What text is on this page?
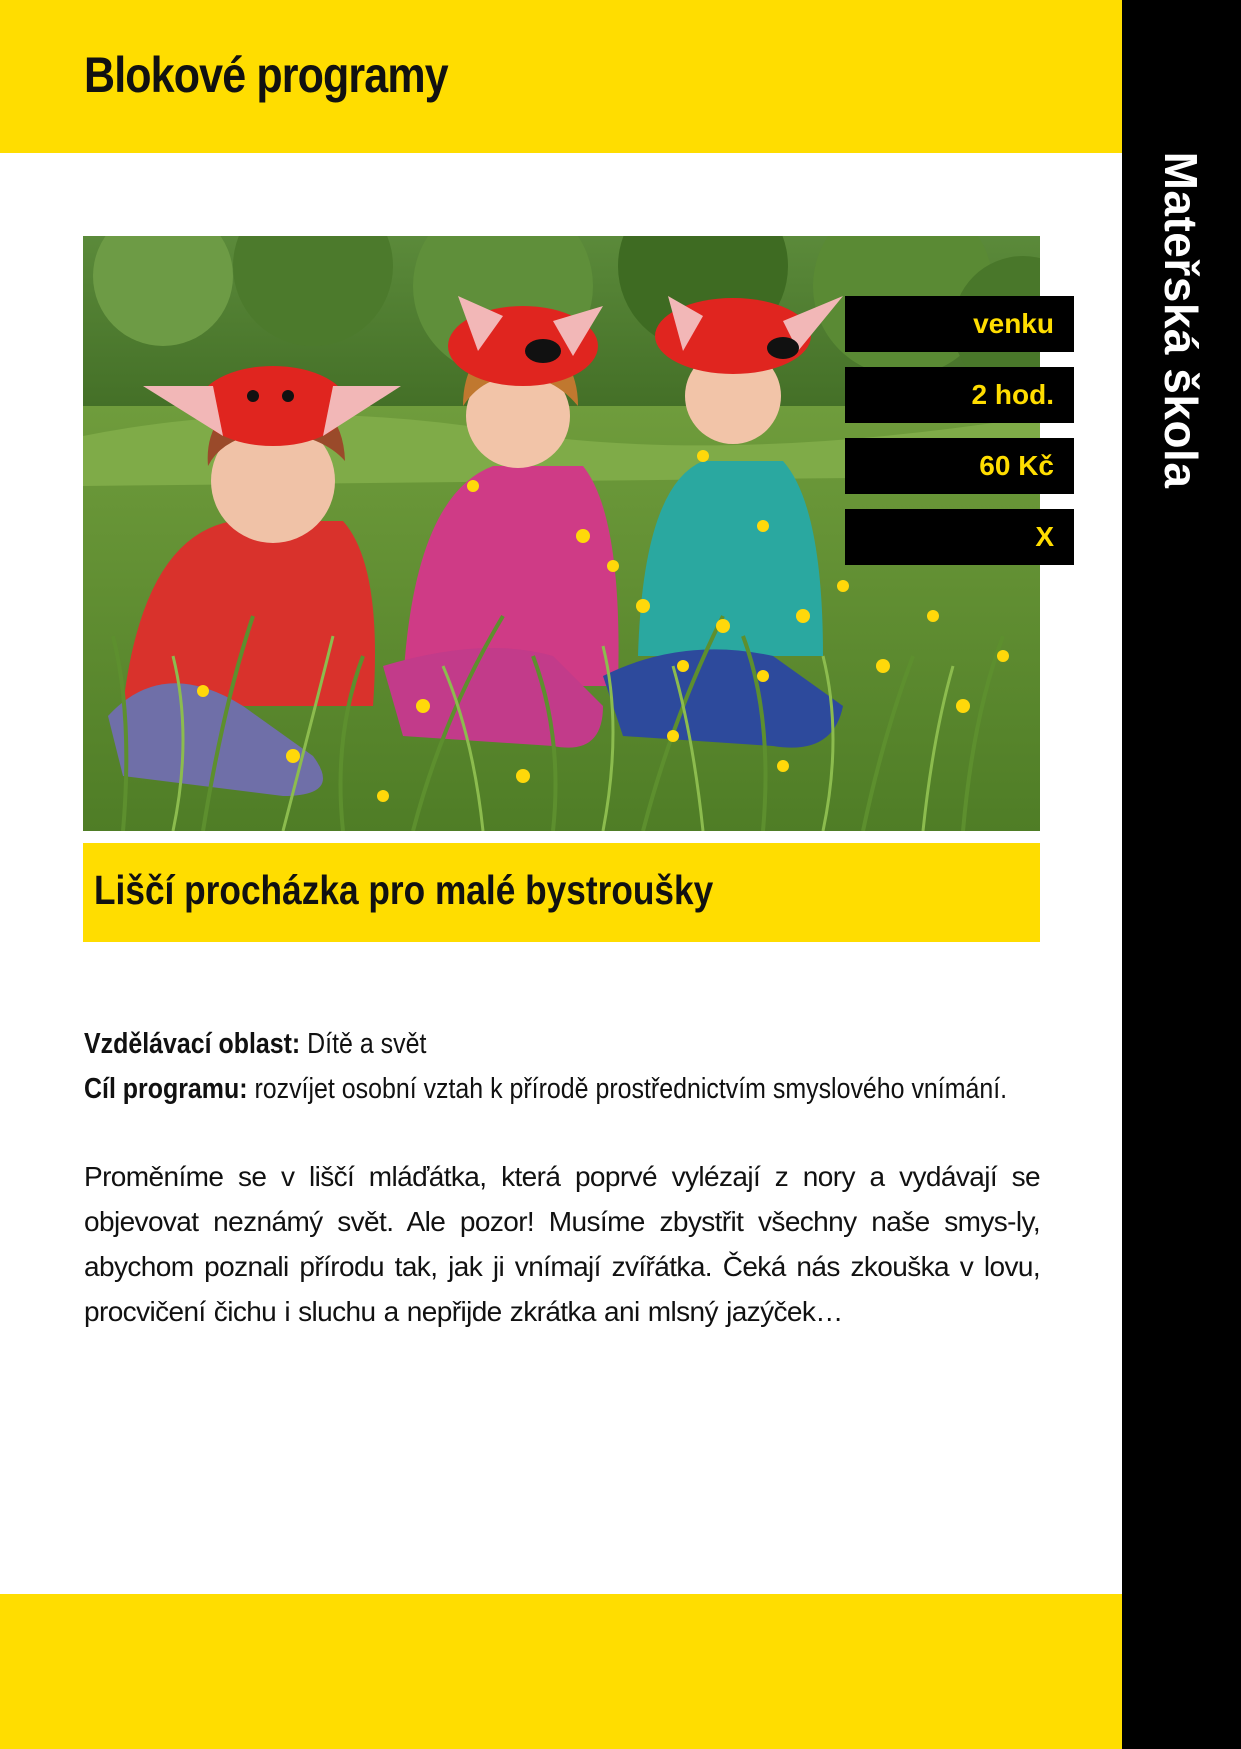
Blokové programy
Mateřská škola
venku
2 hod.
60 Kč
X
Liščí procházka pro malé bystroušky
Vzdělávací oblast: Dítě a svět
Cíl programu: rozvíjet osobní vztah k přírodě prostřednictvím smyslového vnímání.

Proměníme se v liščí mláďátka, která poprvé vylézají z nory a vydávají se objevovat neznámý svět. Ale pozor! Musíme zbystřit všechny naše smys-ly, abychom poznali přírodu tak, jak ji vnímají zvířátka. Čeká nás zkouška v lovu, procvičení čichu i sluchu a nepřijde zkrátka ani mlsný jazýček…
